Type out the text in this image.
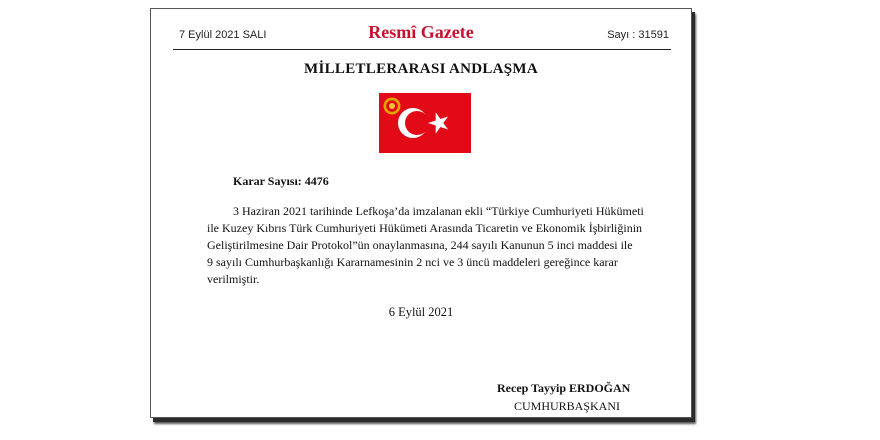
7 Eylül 2021 SALI	Resmî Gazete	Sayı : 31591
MİLLETLERARASI ANDLAŞMA
Karar Sayısı: 4476

3 Haziran 2021 tarihinde Lefkoşa’da imzalanan ekli “Türkiye Cumhuriyeti Hükümeti

ile Kuzey Kıbrıs Türk Cumhuriyeti Hükümeti Arasında Ticaretin ve Ekonomik İşbirliğinin

Geliştirilmesine Dair Protokol”ün onaylanmasına, 244 sayılı Kanunun 5 inci maddesi ile

9 sayılı Cumhurbaşkanlığı Kararnamesinin 2 nci ve 3 üncü maddeleri gereğince karar

verilmiştir.

6 Eylül 2021
Recep Tayyip ERDOĞAN
CUMHURBAŞKANI
